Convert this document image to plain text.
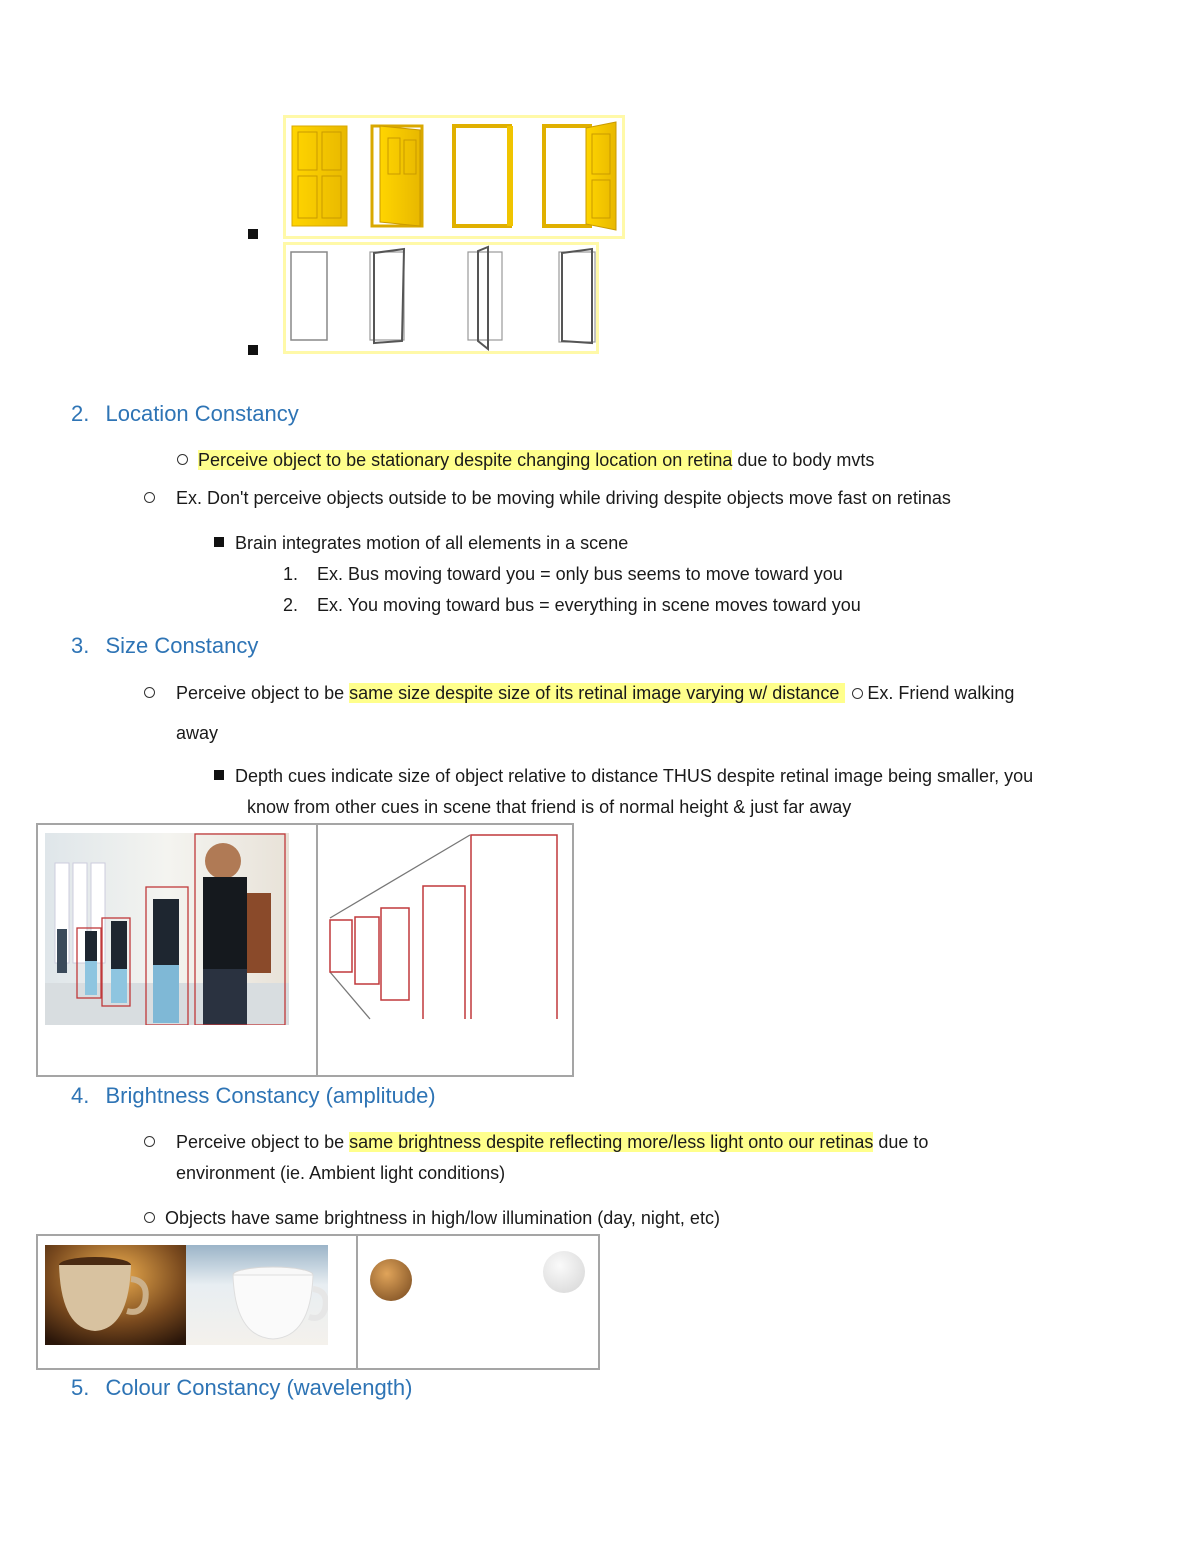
2. Location Constancy
Perceive object to be stationary despite changing location on retina due to body mvts
Ex. Don't perceive objects outside to be moving while driving despite objects move fast on retinas
Brain integrates motion of all elements in a scene
1. Ex. Bus moving toward you = only bus seems to move toward you
2. Ex. You moving toward bus = everything in scene moves toward you
3. Size Constancy
Perceive object to be same size despite size of its retinal image varying w/ distance Ex. Friend walking
away
Depth cues indicate size of object relative to distance THUS despite retinal image being smaller, you
know from other cues in scene that friend is of normal height & just far away
4. Brightness Constancy (amplitude)
Perceive object to be same brightness despite reflecting more/less light onto our retinas due to
environment (ie. Ambient light conditions)
Objects have same brightness in high/low illumination (day, night, etc)
5. Colour Constancy (wavelength)
